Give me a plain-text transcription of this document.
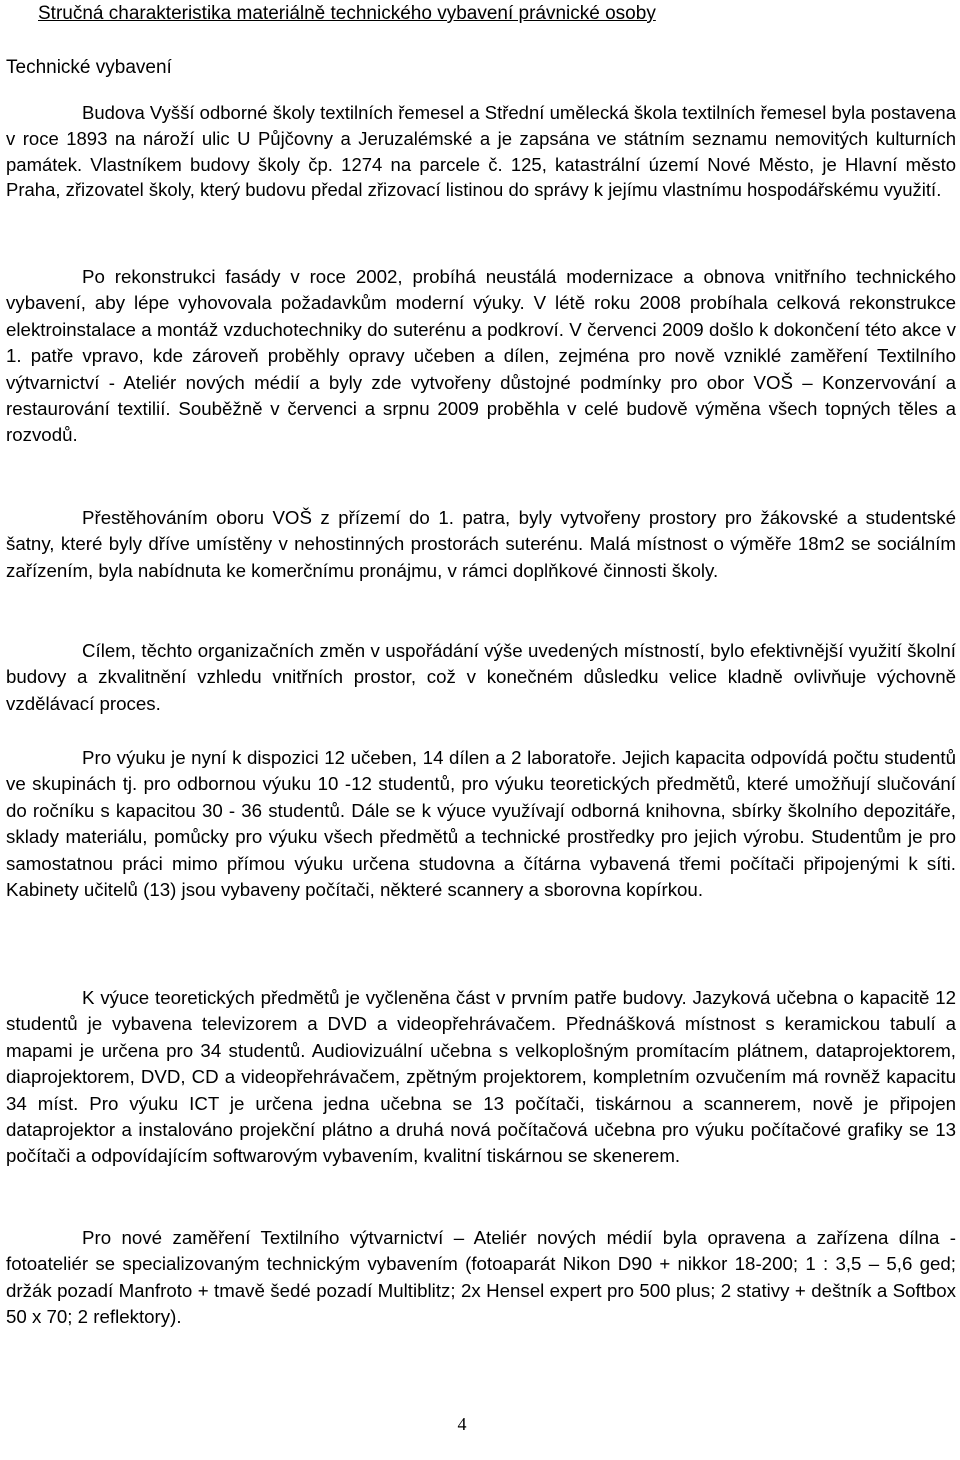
Stručná charakteristika materiálně technického vybavení právnické osoby
Technické vybavení

Budova Vyšší odborné školy textilních řemesel a Střední umělecká škola textilních řemesel byla postavena v roce 1893 na nároží ulic U Půjčovny a Jeruzalémské a je zapsána ve státním seznamu nemovitých kulturních památek. Vlastníkem budovy školy čp. 1274 na parcele č. 125, katastrální území Nové Město, je Hlavní město Praha, zřizovatel školy, který budovu předal zřizovací listinou do správy k jejímu vlastnímu hospodářskému využití.

Po rekonstrukci fasády v roce 2002, probíhá neustálá modernizace a obnova vnitřního technického vybavení, aby lépe vyhovovala požadavkům moderní výuky. V létě roku 2008 probíhala celková rekonstrukce elektroinstalace a montáž vzduchotechniky do suterénu a podkroví. V červenci 2009 došlo k dokončení této akce v 1. patře vpravo, kde zároveň proběhly opravy učeben a dílen, zejména pro nově vzniklé zaměření Textilního výtvarnictví - Ateliér nových médií a byly zde vytvořeny důstojné podmínky pro obor VOŠ – Konzervování a restaurování textilií. Souběžně v červenci a srpnu 2009 proběhla v celé budově výměna všech topných těles a rozvodů.

Přestěhováním oboru VOŠ z přízemí do 1. patra, byly vytvořeny prostory pro žákovské a studentské šatny, které byly dříve umístěny v nehostinných prostorách suterénu. Malá místnost o výměře 18m2 se sociálním zařízením, byla nabídnuta ke komerčnímu pronájmu, v rámci doplňkové činnosti školy.

Cílem, těchto organizačních změn v uspořádání výše uvedených místností, bylo efektivnější využití školní budovy a zkvalitnění vzhledu vnitřních prostor, což v konečném důsledku velice kladně ovlivňuje výchovně vzdělávací proces.

Pro výuku je nyní k dispozici 12 učeben, 14 dílen a 2 laboratoře. Jejich kapacita odpovídá počtu studentů ve skupinách tj. pro odbornou výuku 10 -12 studentů, pro výuku teoretických předmětů, které umožňují slučování do ročníku s kapacitou 30 - 36 studentů. Dále se k výuce využívají odborná knihovna, sbírky školního depozitáře, sklady materiálu, pomůcky pro výuku všech předmětů a technické prostředky pro jejich výrobu. Studentům je pro samostatnou práci mimo přímou výuku určena studovna a čítárna vybavená třemi počítači připojenými k síti. Kabinety učitelů (13) jsou vybaveny počítači, některé scannery a sborovna kopírkou.

K výuce teoretických předmětů je vyčleněna část v prvním patře budovy. Jazyková učebna o kapacitě 12 studentů je vybavena televizorem a DVD a videopřehrávačem. Přednášková místnost s keramickou tabulí a mapami je určena pro 34 studentů. Audiovizuální učebna s velkoplošným promítacím plátnem, dataprojektorem, diaprojektorem, DVD, CD a videopřehrávačem, zpětným projektorem, kompletním ozvučením má rovněž kapacitu 34 míst. Pro výuku ICT je určena jedna učebna se 13 počítači, tiskárnou a scannerem, nově je připojen dataprojektor a instalováno projekční plátno a druhá nová počítačová učebna pro výuku počítačové grafiky se 13 počítači a odpovídajícím softwarovým vybavením, kvalitní tiskárnou se skenerem.

Pro nové zaměření Textilního výtvarnictví – Ateliér nových médií byla opravena a zařízena dílna - fotoateliér se specializovaným technickým vybavením (fotoaparát Nikon D90 + nikkor 18-200; 1 : 3,5 – 5,6 ged; držák pozadí Manfroto + tmavě šedé pozadí Multiblitz; 2x Hensel expert pro 500 plus; 2 stativy + deštník a Softbox 50 x 70; 2 reflektory).

4
